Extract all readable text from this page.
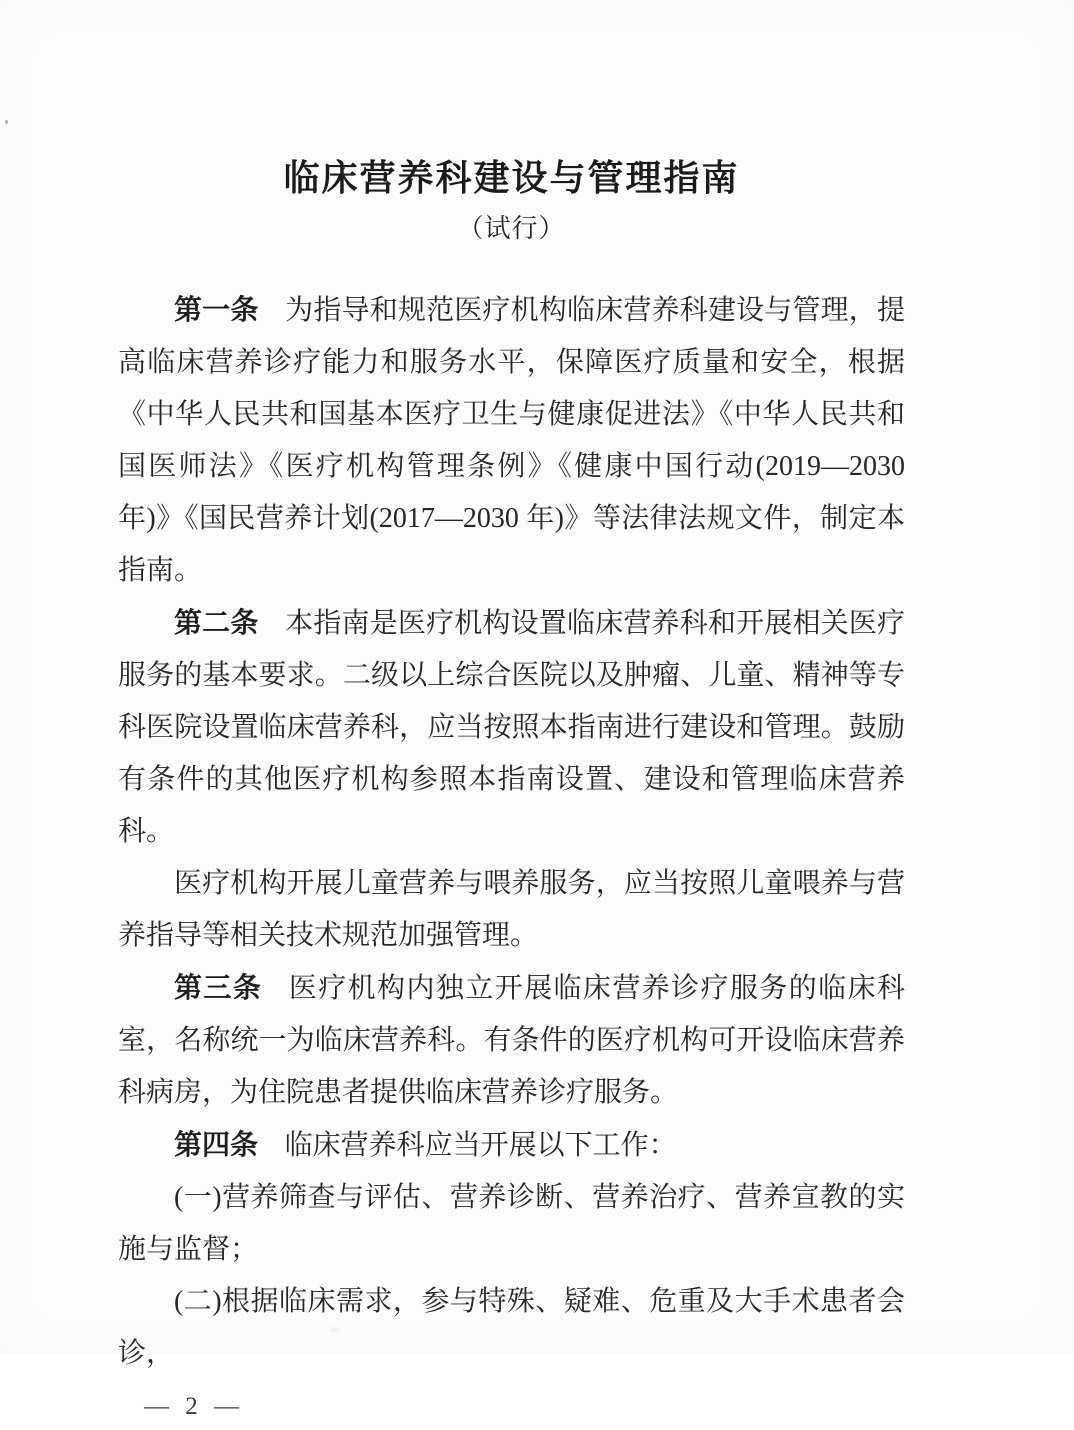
临床营养科建设与管理指南
（试行）

第一条 为指导和规范医疗机构临床营养科建设与管理，提高临床营养诊疗能力和服务水平，保障医疗质量和安全，根据《中华人民共和国基本医疗卫生与健康促进法》《中华人民共和国医师法》《医疗机构管理条例》《健康中国行动(2019—2030 年)》《国民营养计划(2017—2030 年)》等法律法规文件，制定本指南。

第二条 本指南是医疗机构设置临床营养科和开展相关医疗服务的基本要求。二级以上综合医院以及肿瘤、儿童、精神等专科医院设置临床营养科，应当按照本指南进行建设和管理。鼓励有条件的其他医疗机构参照本指南设置、建设和管理临床营养科。

医疗机构开展儿童营养与喂养服务，应当按照儿童喂养与营养指导等相关技术规范加强管理。

第三条 医疗机构内独立开展临床营养诊疗服务的临床科室，名称统一为临床营养科。有条件的医疗机构可开设临床营养科病房，为住院患者提供临床营养诊疗服务。

第四条 临床营养科应当开展以下工作：

(一)营养筛查与评估、营养诊断、营养治疗、营养宣教的实施与监督；

(二)根据临床需求，参与特殊、疑难、危重及大手术患者会诊，

— 2 —
